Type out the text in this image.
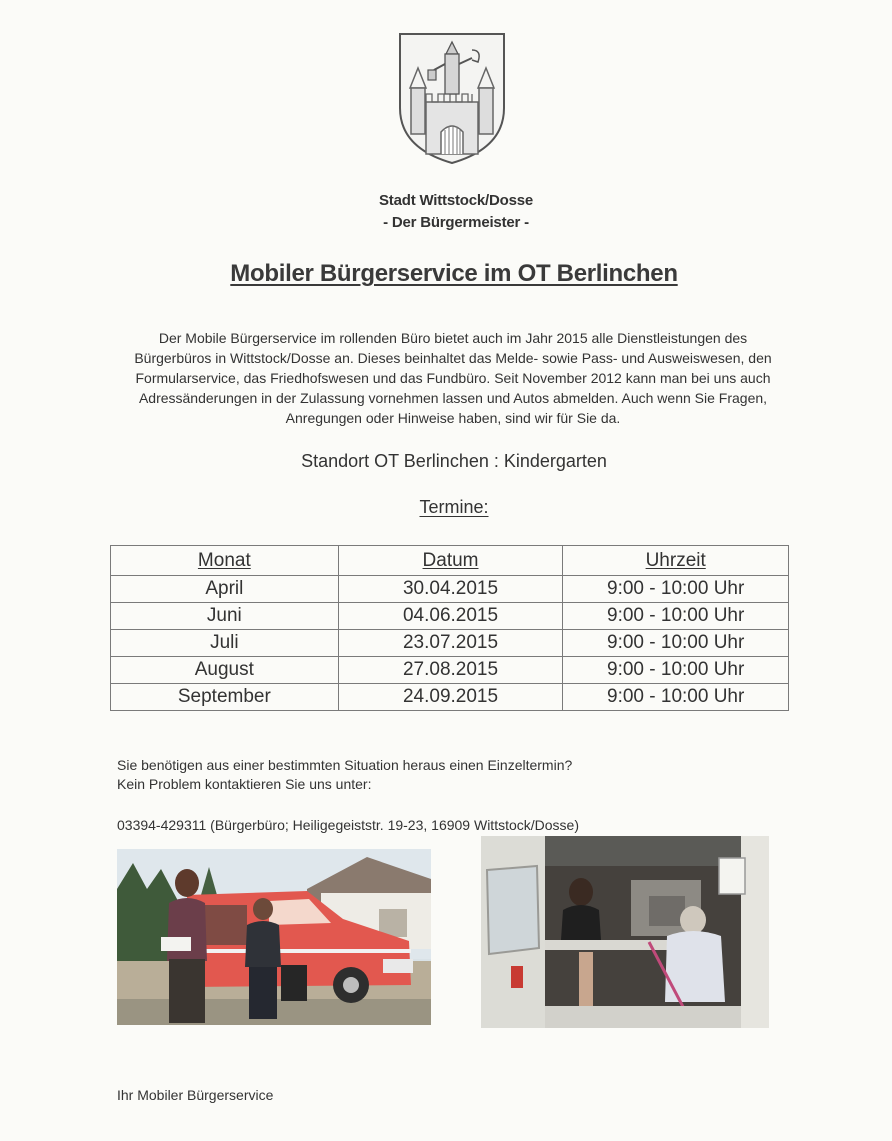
Stadt Wittstock/Dosse
- Der Bürgermeister -
Mobiler Bürgerservice im OT Berlinchen
Der Mobile Bürgerservice im rollenden Büro bietet auch im Jahr 2015 alle Dienstleistungen des
Bürgerbüros in Wittstock/Dosse an. Dieses beinhaltet das Melde- sowie Pass- und Ausweiswesen, den
Formularservice, das Friedhofswesen und das Fundbüro. Seit November 2012 kann man bei uns auch
Adressänderungen in der Zulassung vornehmen lassen und Autos abmelden. Auch wenn Sie Fragen,
Anregungen oder Hinweise haben, sind wir für Sie da.
Standort OT Berlinchen : Kindergarten
Termine:
Monat	Datum	Uhrzeit
April	30.04.2015	9:00 - 10:00 Uhr
Juni	04.06.2015	9:00 - 10:00 Uhr
Juli	23.07.2015	9:00 - 10:00 Uhr
August	27.08.2015	9:00 - 10:00 Uhr
September	24.09.2015	9:00 - 10:00 Uhr
Sie benötigen aus einer bestimmten Situation heraus einen Einzeltermin?
Kein Problem kontaktieren Sie uns unter:
03394-429311 (Bürgerbüro; Heiligegeiststr. 19-23, 16909 Wittstock/Dosse)
Ihr Mobiler Bürgerservice
